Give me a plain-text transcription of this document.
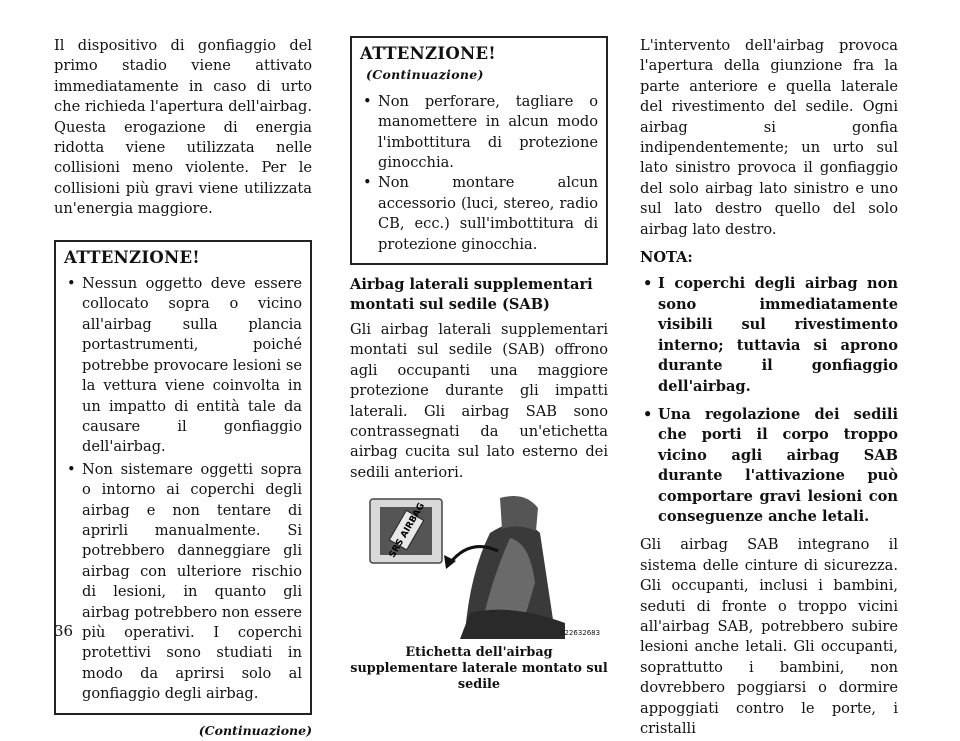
Il dispositivo di gonfiaggio del primo stadio viene attivato immediatamente in caso di urto che richieda l'apertura dell'airbag. Questa erogazione di energia ridotta viene utilizzata nelle collisioni meno violente. Per le collisioni più gravi viene utilizzata un'energia maggiore.

ATTENZIONE!
• Nessun oggetto deve essere collocato sopra o vicino all'airbag sulla plancia portastrumenti, poiché potrebbe provocare lesioni se la vettura viene coinvolta in un impatto di entità tale da causare il gonfiaggio dell'airbag.
• Non sistemare oggetti sopra o intorno ai coperchi degli airbag e non tentare di aprirli manualmente. Si potrebbero danneggiare gli airbag con ulteriore rischio di lesioni, in quanto gli airbag potrebbero non essere più operativi. I coperchi protettivi sono studiati in modo da aprirsi solo al gonfiaggio degli airbag.
(Continuazione)
ATTENZIONE!(Continuazione)
• Non perforare, tagliare o manomettere in alcun modo l'imbottitura di protezione ginocchia.
• Non montare alcun accessorio (luci, stereo, radio CB, ecc.) sull'imbottitura di protezione ginocchia.

Airbag laterali supplementari montati sul sedile (SAB)

Gli airbag laterali supplementari montati sul sedile (SAB) offrono agli occupanti una maggiore protezione durante gli impatti laterali. Gli airbag SAB sono contrassegnati da un'etichetta airbag cucita sul lato esterno dei sedili anteriori.

SRS AIRBAG
022632683
Etichetta dell'airbag supplementare laterale montato sul sedile

L'intervento dell'airbag provoca l'apertura della giunzione fra la parte anteriore e quella laterale del rivestimento del sedile. Ogni airbag si gonfia indipendentemente; un urto sul lato sinistro provoca il gonfiaggio del solo airbag lato sinistro e uno sul lato destro quello del solo airbag lato destro.

NOTA:
• I coperchi degli airbag non sono immediatamente visibili sul rivestimento interno; tuttavia si aprono durante il gonfiaggio dell'airbag.
• Una regolazione dei sedili che porti il corpo troppo vicino agli airbag SAB durante l'attivazione può comportare gravi lesioni con conseguenze anche letali.

Gli airbag SAB integrano il sistema delle cinture di sicurezza. Gli occupanti, inclusi i bambini, seduti di fronte o troppo vicini all'airbag SAB, potrebbero subire lesioni anche letali. Gli occupanti, soprattutto i bambini, non dovrebbero poggiarsi o dormire appoggiati contro le porte, i cristalli

36
